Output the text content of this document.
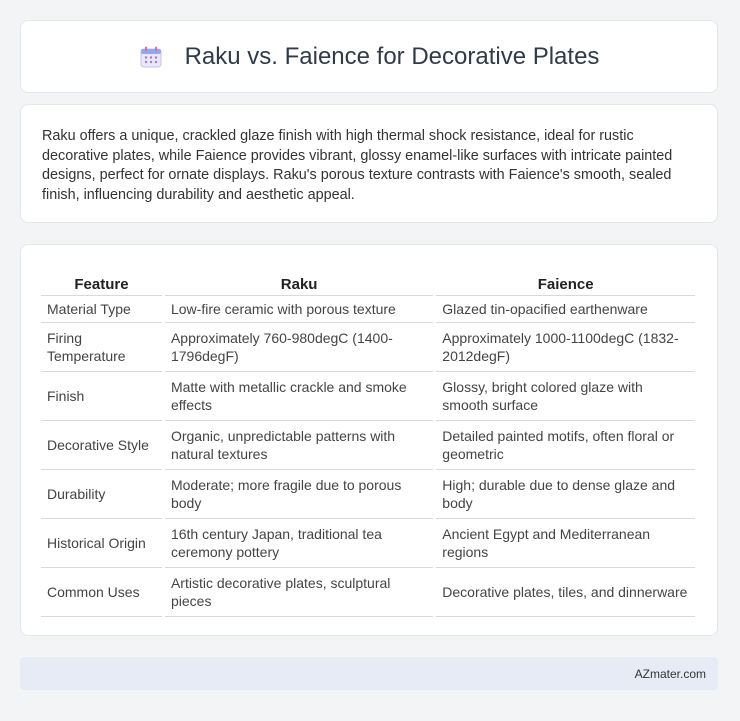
Raku vs. Faience for Decorative Plates

Raku offers a unique, crackled glaze finish with high thermal shock resistance, ideal for rustic decorative plates, while Faience provides vibrant, glossy enamel-like surfaces with intricate painted designs, perfect for ornate displays. Raku's porous texture contrasts with Faience's smooth, sealed finish, influencing durability and aesthetic appeal.

Feature	Raku	Faience
Material Type	Low-fire ceramic with porous texture	Glazed tin-opacified earthenware
Firing Temperature	Approximately 760-980degC (1400-1796degF)	Approximately 1000-1100degC (1832-2012degF)
Finish	Matte with metallic crackle and smoke effects	Glossy, bright colored glaze with smooth surface
Decorative Style	Organic, unpredictable patterns with natural textures	Detailed painted motifs, often floral or geometric
Durability	Moderate; more fragile due to porous body	High; durable due to dense glaze and body
Historical Origin	16th century Japan, traditional tea ceremony pottery	Ancient Egypt and Mediterranean regions
Common Uses	Artistic decorative plates, sculptural pieces	Decorative plates, tiles, and dinnerware
AZmater.com
